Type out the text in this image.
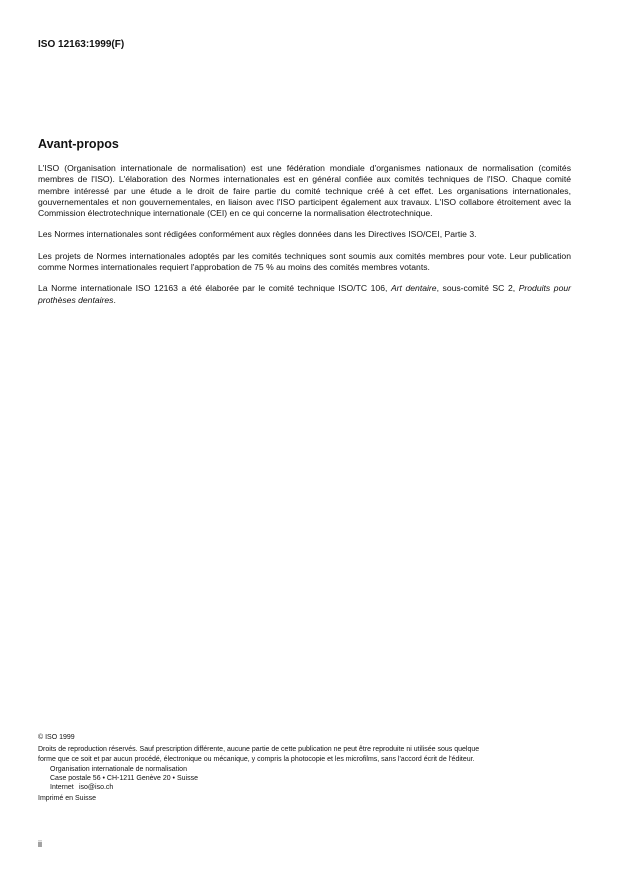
ISO 12163:1999(F)
Avant-propos

L'ISO (Organisation internationale de normalisation) est une fédération mondiale d'organismes nationaux de normalisation (comités membres de l'ISO). L'élaboration des Normes internationales est en général confiée aux comités techniques de l'ISO. Chaque comité membre intéressé par une étude a le droit de faire partie du comité technique créé à cet effet. Les organisations internationales, gouvernementales et non gouvernementales, en liaison avec l'ISO participent également aux travaux. L'ISO collabore étroitement avec la Commission électrotechnique internationale (CEI) en ce qui concerne la normalisation électrotechnique.

Les Normes internationales sont rédigées conformément aux règles données dans les Directives ISO/CEI, Partie 3.

Les projets de Normes internationales adoptés par les comités techniques sont soumis aux comités membres pour vote. Leur publication comme Normes internationales requiert l'approbation de 75 % au moins des comités membres votants.

La Norme internationale ISO 12163 a été élaborée par le comité technique ISO/TC 106, Art dentaire, sous-comité SC 2, Produits pour prothèses dentaires.

© ISO 1999
Droits de reproduction réservés. Sauf prescription différente, aucune partie de cette publication ne peut être reproduite ni utilisée sous quelque
forme que ce soit et par aucun procédé, électronique ou mécanique, y compris la photocopie et les microfilms, sans l'accord écrit de l'éditeur.
Organisation internationale de normalisation
Case postale 56 • CH-1211 Genève 20 • Suisse
Internet iso@iso.ch
Imprimé en Suisse
ii
